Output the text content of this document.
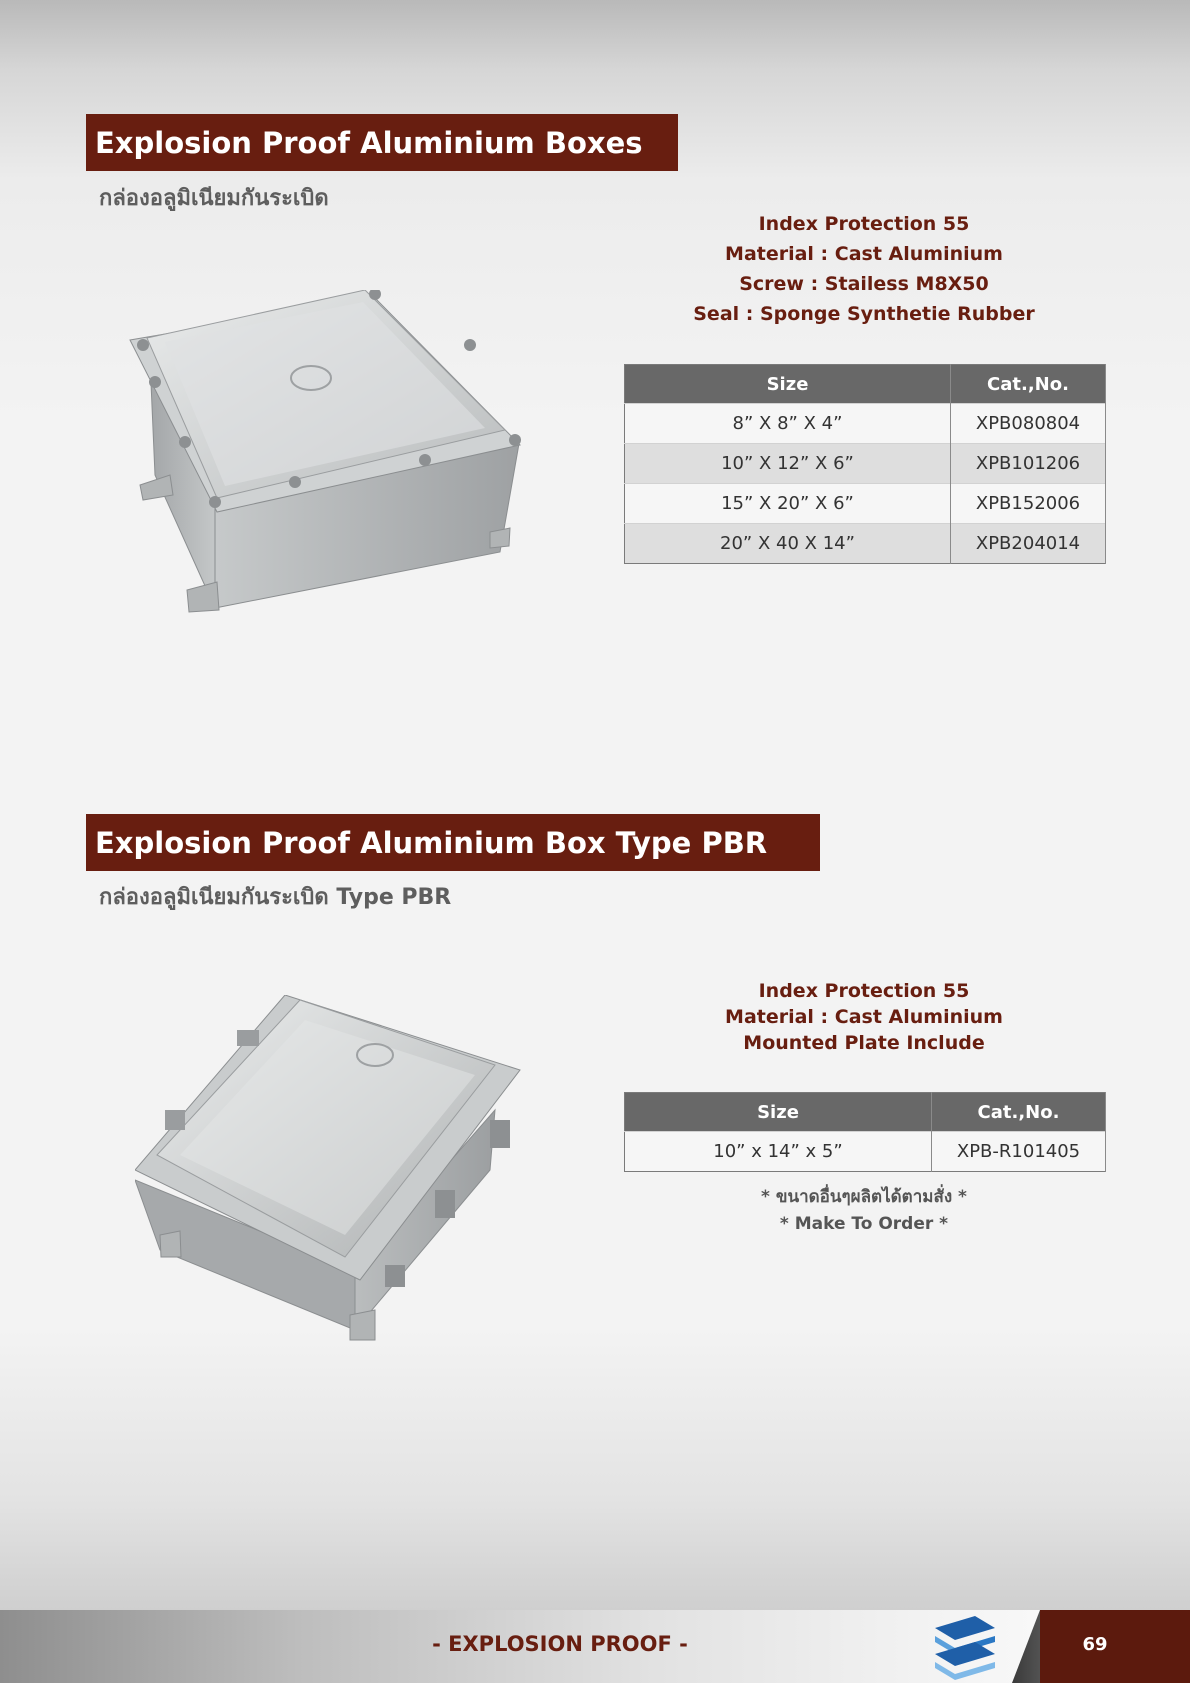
Explosion Proof Aluminium Boxes
กล่องอลูมิเนียมกันระเบิด
Index Protection 55
Material : Cast Aluminium
Screw : Stailess M8X50
Seal : Sponge Synthetie Rubber
Size	Cat.,No.
8” X 8” X 4”	XPB080804
10” X 12” X 6”	XPB101206
15” X 20” X 6”	XPB152006
20” X 40 X 14”	XPB204014
Explosion Proof Aluminium Box Type PBR
กล่องอลูมิเนียมกันระเบิด Type PBR
Index Protection 55
Material : Cast Aluminium
Mounted Plate Include
Size	Cat.,No.
10” x 14” x 5”	XPB-R101405
* ขนาดอื่นๆผลิตได้ตามสั่ง *
* Make To Order *
- EXPLOSION PROOF -	69
